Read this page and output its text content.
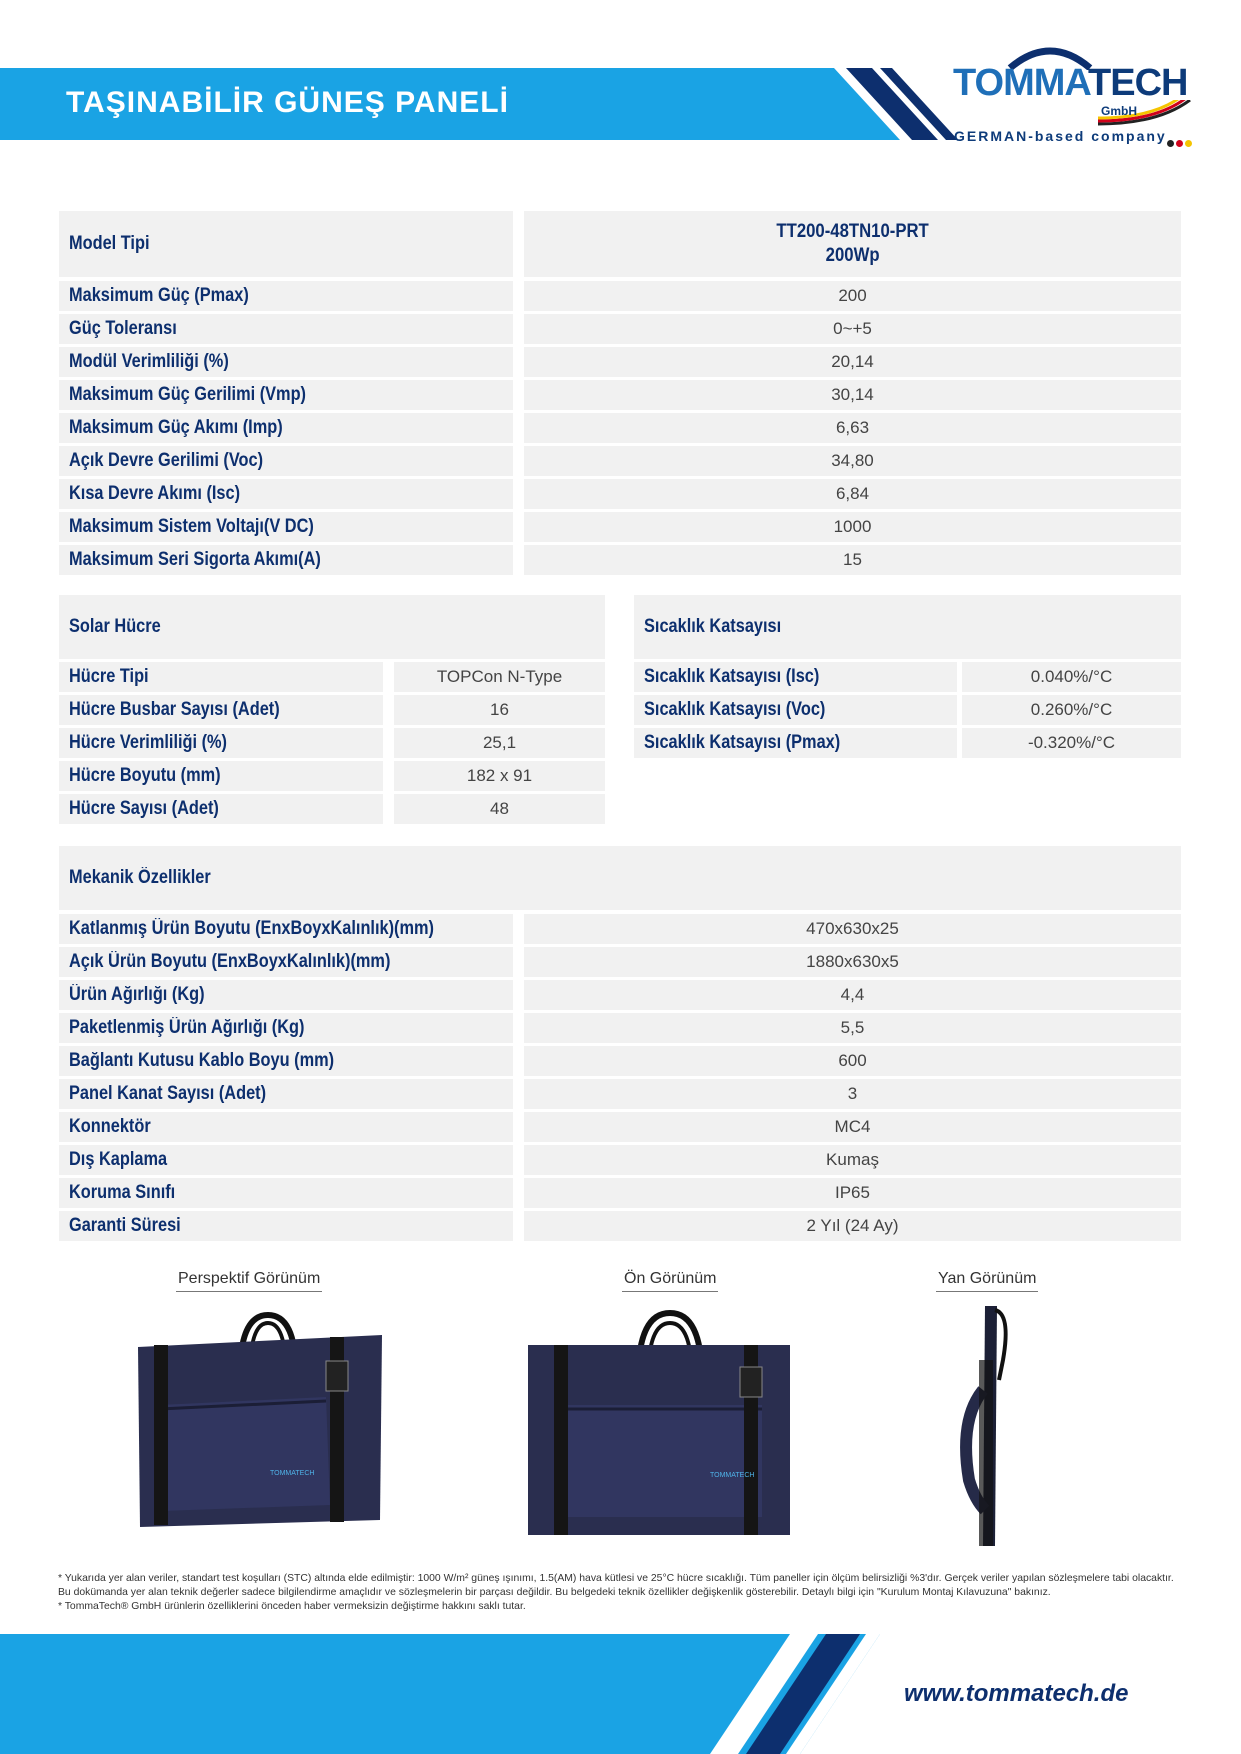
TAŞINABİLİR GÜNEŞ PANELİ	TOMMATECH
GmbH
GERMAN-based company
Model Tipi
TT200-48TN10-PRT
200Wp
Maksimum Güç (Pmax)	200
Güç Toleransı	0~+5
Modül Verimliliği (%)	20,14
Maksimum Güç Gerilimi (Vmp)	30,14
Maksimum Güç Akımı (Imp)	6,63
Açık Devre Gerilimi (Voc)	34,80
Kısa Devre Akımı (Isc)	6,84
Maksimum Sistem Voltajı(V DC)	1000
Maksimum Seri Sigorta Akımı(A)	15
Solar Hücre
Hücre Tipi	TOPCon N-Type
Hücre Busbar Sayısı (Adet)	16
Hücre Verimliliği (%)	25,1
Hücre Boyutu (mm)	182 x 91
Hücre Sayısı (Adet)	48
Sıcaklık Katsayısı
Sıcaklık Katsayısı (Isc)	0.040%/°C
Sıcaklık Katsayısı (Voc)	0.260%/°C
Sıcaklık Katsayısı (Pmax)	-0.320%/°C
Mekanik Özellikler
Katlanmış Ürün Boyutu (EnxBoyxKalınlık)(mm)	470x630x25
Açık Ürün Boyutu (EnxBoyxKalınlık)(mm)	1880x630x5
Ürün Ağırlığı (Kg)	4,4
Paketlenmiş Ürün Ağırlığı (Kg)	5,5
Bağlantı Kutusu Kablo Boyu (mm)	600
Panel Kanat Sayısı (Adet)	3
Konnektör	MC4
Dış Kaplama	Kumaş
Koruma Sınıfı	IP65
Garanti Süresi	2 Yıl (24 Ay)
Perspektif Görünüm	Ön Görünüm	Yan Görünüm
TOMMATECH	TOMMATECH
* Yukarıda yer alan veriler, standart test koşulları (STC) altında elde edilmiştir: 1000 W/m² güneş ışınımı, 1.5(AM) hava kütlesi ve 25°C hücre sıcaklığı. Tüm paneller için ölçüm belirsizliği %3'dır. Gerçek veriler yapılan sözleşmelere tabi olacaktır. Bu dokümanda yer alan teknik değerler sadece bilgilendirme amaçlıdır ve sözleşmelerin bir parçası değildir. Bu belgedeki teknik özellikler değişkenlik gösterebilir. Detaylı bilgi için "Kurulum Montaj Kılavuzuna" bakınız.
* TommaTech® GmbH ürünlerin özelliklerini önceden haber vermeksizin değiştirme hakkını saklı tutar.
www.tommatech.de
